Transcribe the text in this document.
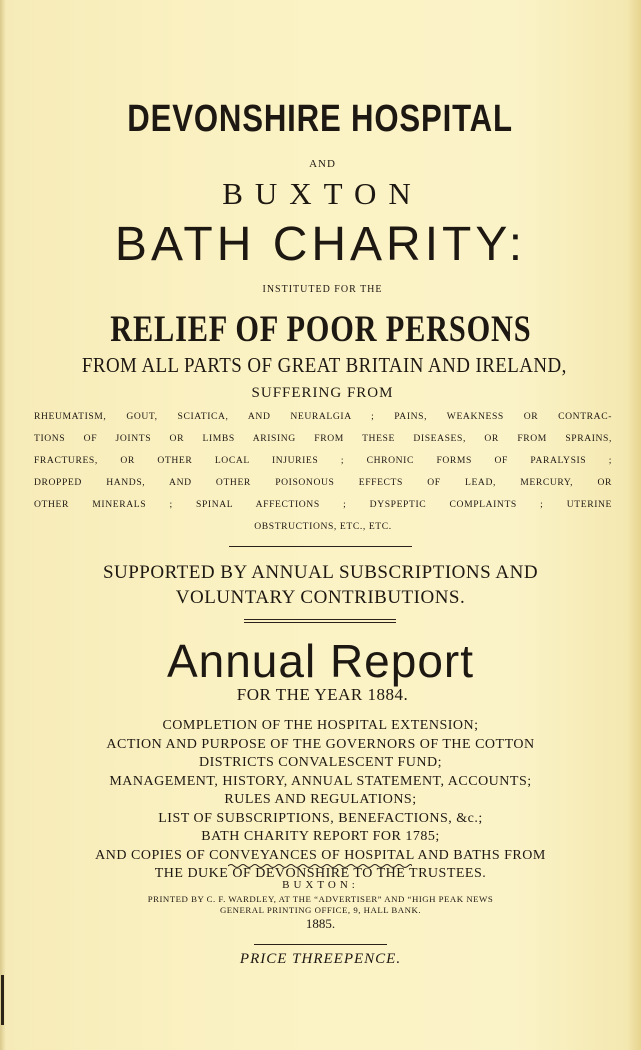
DEVONSHIRE HOSPITAL
AND
BUXTON
BATH CHARITY:
INSTITUTED FOR THE
RELIEF OF POOR PERSONS
FROM ALL PARTS OF GREAT BRITAIN AND IRELAND,
SUFFERING FROM
RHEUMATISM, GOUT, SCIATICA, AND NEURALGIA ; PAINS, WEAKNESS OR CONTRAC-
TIONS OF JOINTS OR LIMBS ARISING FROM THESE DISEASES, OR FROM SPRAINS,
FRACTURES, OR OTHER LOCAL INJURIES ; CHRONIC FORMS OF PARALYSIS ;
DROPPED HANDS, AND OTHER POISONOUS EFFECTS OF LEAD, MERCURY, OR
OTHER MINERALS ; SPINAL AFFECTIONS ; DYSPEPTIC COMPLAINTS ; UTERINE
OBSTRUCTIONS, ETC., ETC.
SUPPORTED BY ANNUAL SUBSCRIPTIONS AND
VOLUNTARY CONTRIBUTIONS.
Annual Report
FOR THE YEAR 1884.
COMPLETION OF THE HOSPITAL EXTENSION;
ACTION AND PURPOSE OF THE GOVERNORS OF THE COTTON
DISTRICTS CONVALESCENT FUND;
MANAGEMENT, HISTORY, ANNUAL STATEMENT, ACCOUNTS;
RULES AND REGULATIONS;
LIST OF SUBSCRIPTIONS, BENEFACTIONS, &c.;
BATH CHARITY REPORT FOR 1785;
AND COPIES OF CONVEYANCES OF HOSPITAL AND BATHS FROM
THE DUKE OF DEVONSHIRE TO THE TRUSTEES.
BUXTON:
PRINTED BY C. F. WARDLEY, AT THE “ADVERTISER” AND “HIGH PEAK NEWS
GENERAL PRINTING OFFICE, 9, HALL BANK.
1885.
PRICE THREEPENCE.
